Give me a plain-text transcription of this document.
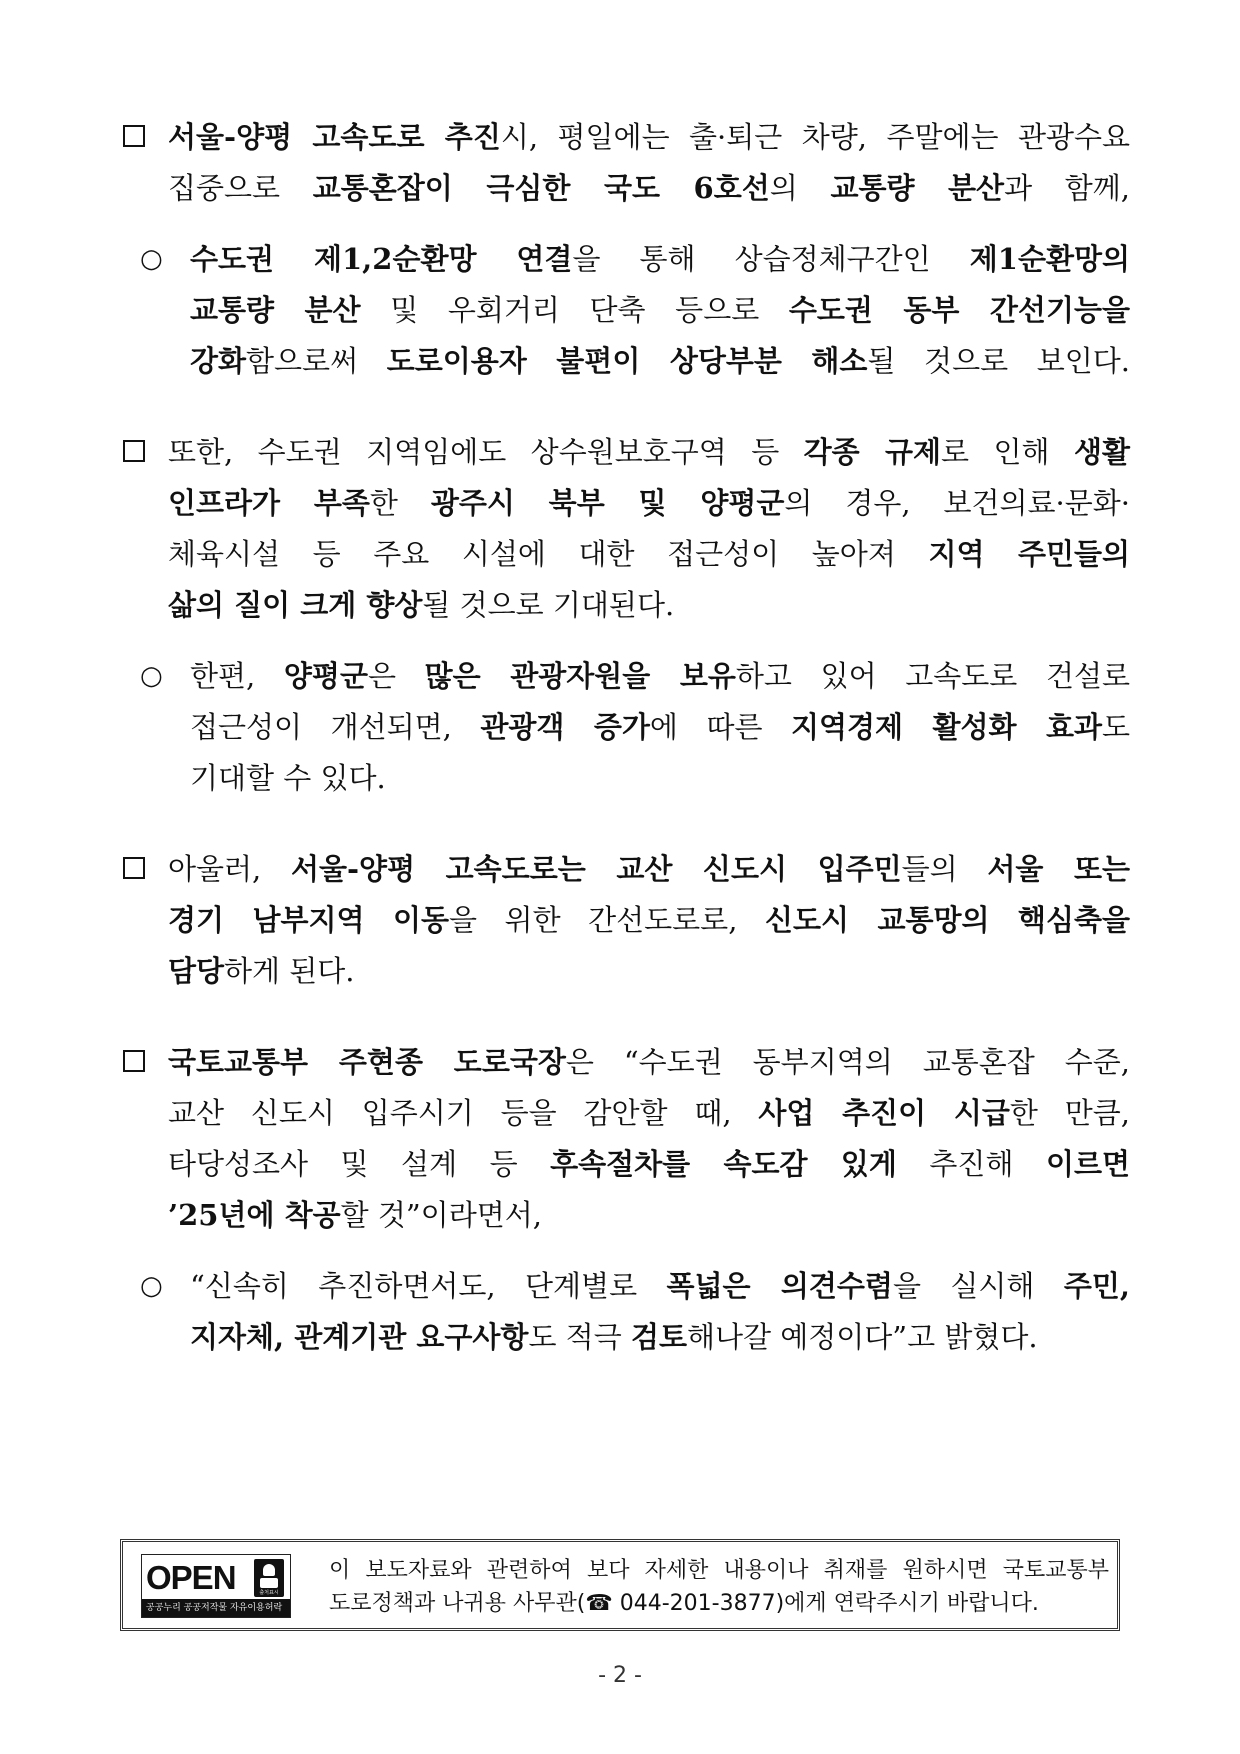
서울-양평 고속도로 추진시, 평일에는 출·퇴근 차량, 주말에는 관광수요
집중으로 교통혼잡이 극심한 국도 6호선의 교통량 분산과 함께,
○ 수도권 제1,2순환망 연결을 통해 상습정체구간인 제1순환망의
교통량 분산 및 우회거리 단축 등으로 수도권 동부 간선기능을
강화함으로써 도로이용자 불편이 상당부분 해소될 것으로 보인다.
또한, 수도권 지역임에도 상수원보호구역 등 각종 규제로 인해 생활
인프라가 부족한 광주시 북부 및 양평군의 경우, 보건의료·문화·
체육시설 등 주요 시설에 대한 접근성이 높아져 지역 주민들의
삶의 질이 크게 향상될 것으로 기대된다.
○ 한편, 양평군은 많은 관광자원을 보유하고 있어 고속도로 건설로
접근성이 개선되면, 관광객 증가에 따른 지역경제 활성화 효과도
기대할 수 있다.
아울러, 서울-양평 고속도로는 교산 신도시 입주민들의 서울 또는
경기 남부지역 이동을 위한 간선도로로, 신도시 교통망의 핵심축을
담당하게 된다.
국토교통부 주현종 도로국장은 “수도권 동부지역의 교통혼잡 수준,
교산 신도시 입주시기 등을 감안할 때, 사업 추진이 시급한 만큼,
타당성조사 및 설계 등 후속절차를 속도감 있게 추진해 이르면
’25년에 착공할 것”이라면서,
○ “신속히 추진하면서도, 단계별로 폭넓은 의견수렴을 실시해 주민,
지자체, 관계기관 요구사항도 적극 검토해나갈 예정이다”고 밝혔다.
OPEN	출처표시
공공누리 공공저작물 자유이용허락
이 보도자료와 관련하여 보다 자세한 내용이나 취재를 원하시면 국토교통부
도로정책과 나귀용 사무관(☎ 044-201-3877)에게 연락주시기 바랍니다.
- 2 -
